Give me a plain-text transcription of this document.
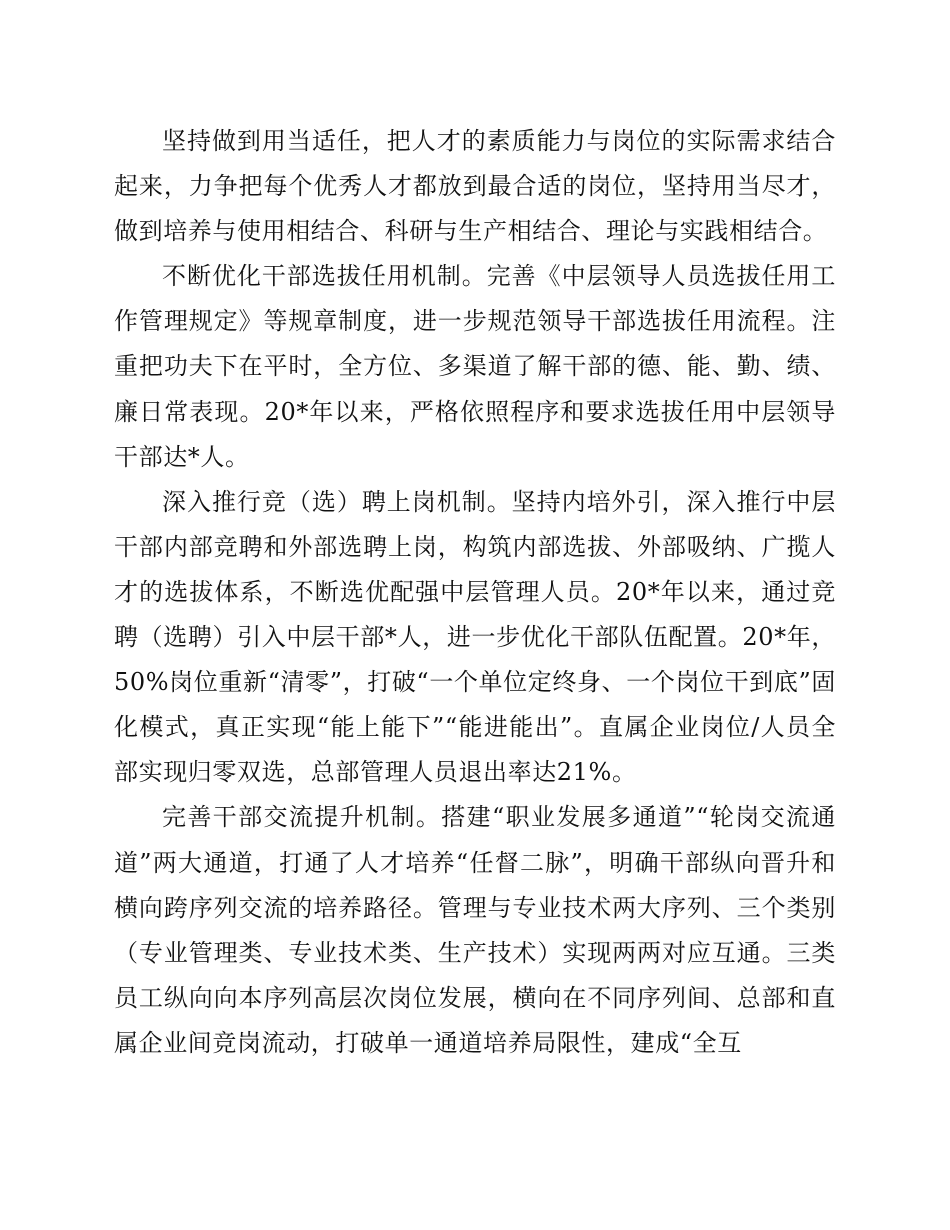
坚持做到用当适任，把人才的素质能力与岗位的实际需求结合起来，力争把每个优秀人才都放到最合适的岗位，坚持用当尽才，做到培养与使用相结合、科研与生产相结合、理论与实践相结合。

不断优化干部选拔任用机制。完善《中层领导人员选拔任用工作管理规定》等规章制度，进一步规范领导干部选拔任用流程。注重把功夫下在平时，全方位、多渠道了解干部的德、能、勤、绩、廉日常表现。20*年以来，严格依照程序和要求选拔任用中层领导干部达*人。

深入推行竞（选）聘上岗机制。坚持内培外引，深入推行中层干部内部竞聘和外部选聘上岗，构筑内部选拔、外部吸纳、广揽人才的选拔体系，不断选优配强中层管理人员。20*年以来，通过竞聘（选聘）引入中层干部*人，进一步优化干部队伍配置。20*年，50%岗位重新“清零”，打破“一个单位定终身、一个岗位干到底”固化模式，真正实现“能上能下”“能进能出”。直属企业岗位/人员全部实现归零双选，总部管理人员退出率达21%。

完善干部交流提升机制。搭建“职业发展多通道”“轮岗交流通道”两大通道，打通了人才培养“任督二脉”，明确干部纵向晋升和横向跨序列交流的培养路径。管理与专业技术两大序列、三个类别（专业管理类、专业技术类、生产技术）实现两两对应互通。三类员工纵向向本序列高层次岗位发展，横向在不同序列间、总部和直属企业间竞岗流动，打破单一通道培养局限性，建成“全互
